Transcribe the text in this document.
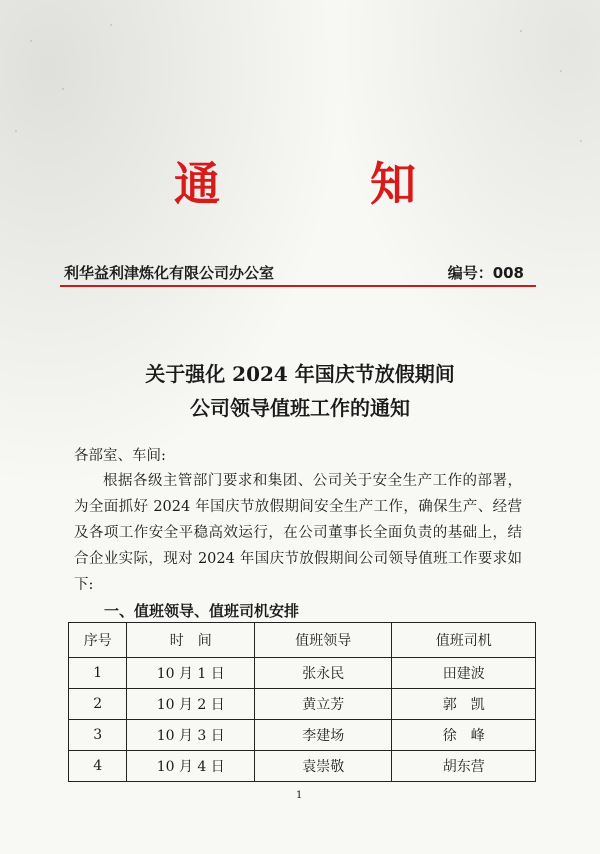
通	知
利华益利津炼化有限公司办公室	编号：008
关于强化 2024 年国庆节放假期间
公司领导值班工作的通知
各部室、车间:
根据各级主管部门要求和集团、公司关于安全生产工作的部署，为全面抓好 2024 年国庆节放假期间安全生产工作，确保生产、经营及各项工作安全平稳高效运行，在公司董事长全面负责的基础上，结合企业实际，现对 2024 年国庆节放假期间公司领导值班工作要求如下:
一、值班领导、值班司机安排
序号	时　间	值班领导	值班司机
1	10 月 1 日	张永民	田建波
2	10 月 2 日	黄立芳	郭　凯
3	10 月 3 日	李建场	徐　峰
4	10 月 4 日	袁崇敬	胡东营
1
